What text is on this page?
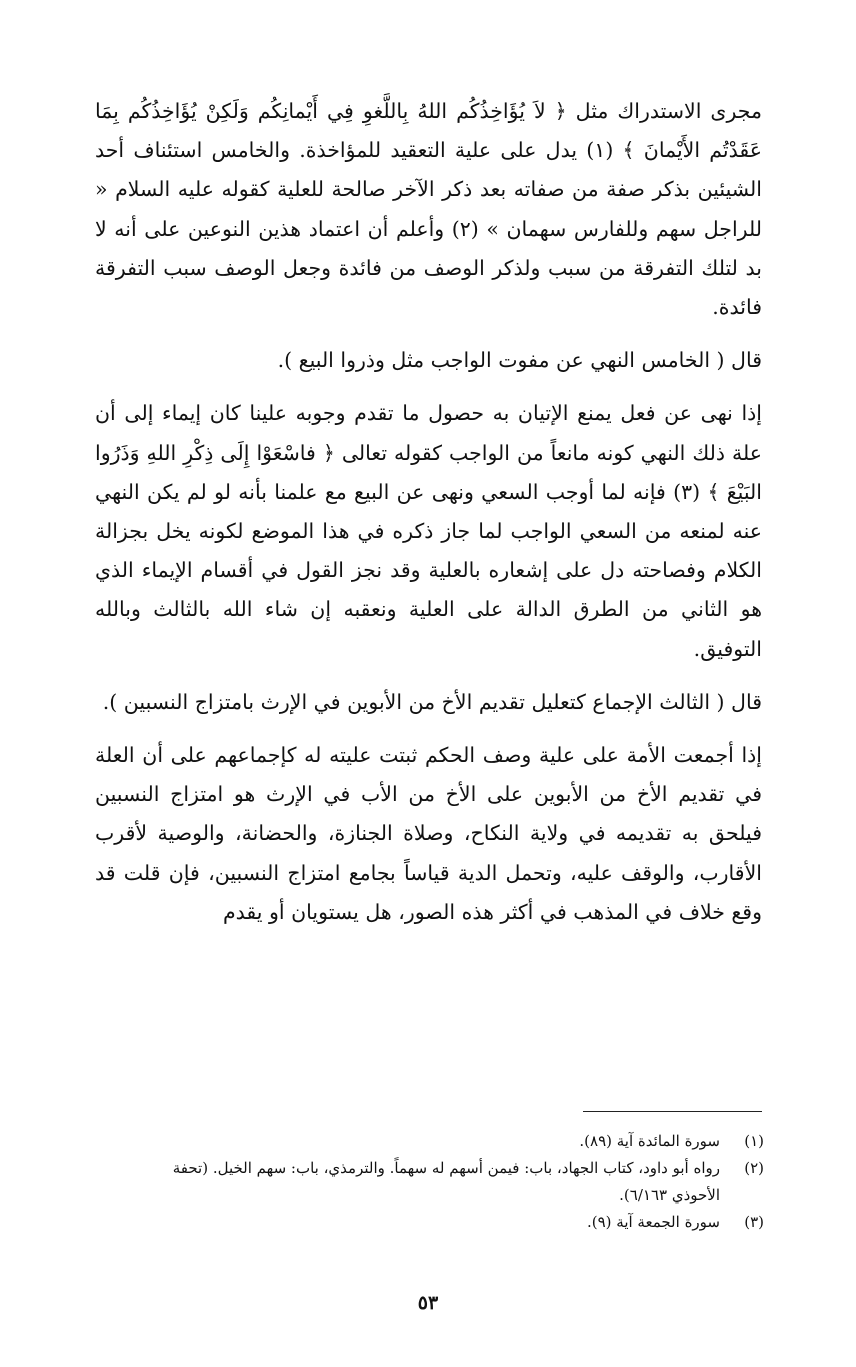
مجرى الاستدراك مثل ﴿ لاَ يُؤَاخِذُكُم اللهُ بِاللَّغوِ فِي أَيْمانِكُم وَلَكِنْ يُؤَاخِذُكُم بِمَا عَقَدْتُم الأَيْمانَ ﴾ (١) يدل على علية التعقيد للمؤاخذة. والخامس استئناف أحد الشيئين بذكر صفة من صفاته بعد ذكر الآخر صالحة للعلية كقوله عليه السلام « للراجل سهم وللفارس سهمان » (٢) وأعلم أن اعتماد هذين النوعين على أنه لا بد لتلك التفرقة من سبب ولذكر الوصف من فائدة وجعل الوصف سبب التفرقة فائدة.

قال ( الخامس النهي عن مفوت الواجب مثل وذروا البيع ).

إذا نهى عن فعل يمنع الإتيان به حصول ما تقدم وجوبه علينا كان إيماء إلى أن علة ذلك النهي كونه مانعاً من الواجب كقوله تعالى ﴿ فاسْعَوْا إِلَى ذِكْرِ اللهِ وَذَرُوا البَيْعَ ﴾ (٣) فإنه لما أوجب السعي ونهى عن البيع مع علمنا بأنه لو لم يكن النهي عنه لمنعه من السعي الواجب لما جاز ذكره في هذا الموضع لكونه يخل بجزالة الكلام وفصاحته دل على إشعاره بالعلية وقد نجز القول في أقسام الإيماء الذي هو الثاني من الطرق الدالة على العلية ونعقبه إن شاء الله بالثالث وبالله التوفيق.

قال ( الثالث الإجماع كتعليل تقديم الأخ من الأبوين في الإرث بامتزاج النسبين ).

إذا أجمعت الأمة على علية وصف الحكم ثبتت عليته له كإجماعهم على أن العلة في تقديم الأخ من الأبوين على الأخ من الأب في الإرث هو امتزاج النسبين فيلحق به تقديمه في ولاية النكاح، وصلاة الجنازة، والحضانة، والوصية لأقرب الأقارب، والوقف عليه، وتحمل الدية قياساً بجامع امتزاج النسبين، فإن قلت قد وقع خلاف في المذهب في أكثر هذه الصور، هل يستويان أو يقدم

(١)
سورة المائدة آية (٨٩).
(٢)
رواه أبو داود، كتاب الجهاد، باب: فيمن أسهم له سهماً. والترمذي، باب: سهم الخيل. (تحفة الأحوذي ٦/١٦٣).
(٣)
سورة الجمعة آية (٩).
٥٣
